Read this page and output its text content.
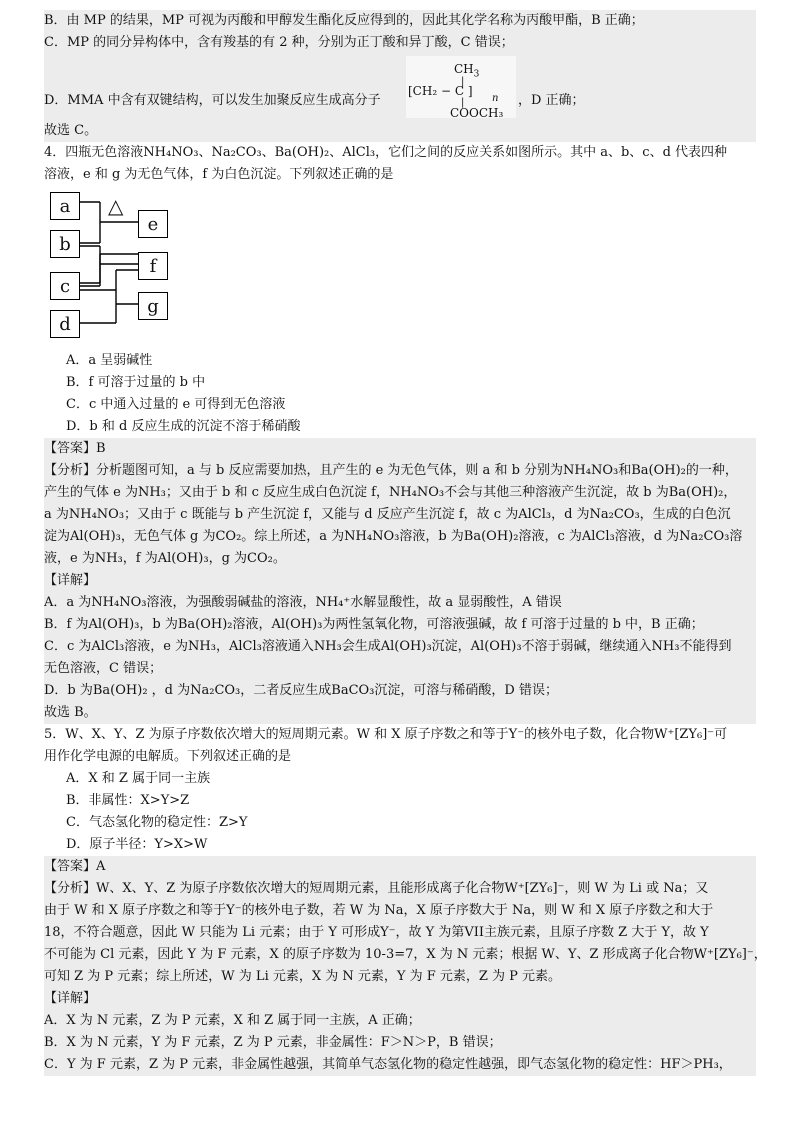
B．由 MP 的结果，MP 可视为丙酸和甲醇发生酯化反应得到的，因此其化学名称为丙酸甲酯，B 正确；
C．MP 的同分异构体中，含有羧基的有 2 种，分别为正丁酸和异丁酸，C 错误；
D．MMA 中含有双键结构，可以发生加聚反应生成高分子
$CH_3$
|
[CH₂ − C ]
n
|
COOCH₃
，D 正确；
故选 C。
4．四瓶无色溶液NH₄NO₃、Na₂CO₃、Ba(OH)₂、AlCl₃，它们之间的反应关系如图所示。其中 a、b、c、d 代表四种
溶液，e 和 g 为无色气体，f 为白色沉淀。下列叙述正确的是
a
b
c
d
△
e
f
g
A．a 呈弱碱性
B．f 可溶于过量的 b 中
C．c 中通入过量的 e 可得到无色溶液
D．b 和 d 反应生成的沉淀不溶于稀硝酸
【答案】B
【分析】分析题图可知，a 与 b 反应需要加热，且产生的 e 为无色气体，则 a 和 b 分别为NH₄NO₃和Ba(OH)₂的一种，
产生的气体 e 为NH₃；又由于 b 和 c 反应生成白色沉淀 f，NH₄NO₃不会与其他三种溶液产生沉淀，故 b 为Ba(OH)₂，
a 为NH₄NO₃；又由于 c 既能与 b 产生沉淀 f，又能与 d 反应产生沉淀 f，故 c 为AlCl₃，d 为Na₂CO₃，生成的白色沉
淀为Al(OH)₃，无色气体 g 为CO₂。综上所述，a 为NH₄NO₃溶液，b 为Ba(OH)₂溶液，c 为AlCl₃溶液，d 为Na₂CO₃溶
液，e 为NH₃，f 为Al(OH)₃，g 为CO₂。
【详解】
A．a 为NH₄NO₃溶液，为强酸弱碱盐的溶液，NH₄⁺水解显酸性，故 a 显弱酸性，A 错误
B．f 为Al(OH)₃，b 为Ba(OH)₂溶液，Al(OH)₃为两性氢氧化物，可溶液强碱，故 f 可溶于过量的 b 中，B 正确；
C．c 为AlCl₃溶液，e 为NH₃，AlCl₃溶液通入NH₃会生成Al(OH)₃沉淀，Al(OH)₃不溶于弱碱，继续通入NH₃不能得到
无色溶液，C 错误；
D．b 为Ba(OH)₂ ，d 为Na₂CO₃，二者反应生成BaCO₃沉淀，可溶与稀硝酸，D 错误；
故选 B。
5．W、X、Y、Z 为原子序数依次增大的短周期元素。W 和 X 原子序数之和等于Y⁻的核外电子数，化合物W⁺[ZY₆]⁻可
用作化学电源的电解质。下列叙述正确的是
A．X 和 Z 属于同一主族
B．非属性：X>Y>Z
C．气态氢化物的稳定性：Z>Y
D．原子半径：Y>X>W
【答案】A
【分析】W、X、Y、Z 为原子序数依次增大的短周期元素，且能形成离子化合物W⁺[ZY₆]⁻，则 W 为 Li 或 Na；又
由于 W 和 X 原子序数之和等于Y⁻的核外电子数，若 W 为 Na，X 原子序数大于 Na，则 W 和 X 原子序数之和大于
18，不符合题意，因此 W 只能为 Li 元素；由于 Y 可形成Y⁻，故 Y 为第VII主族元素，且原子序数 Z 大于 Y，故 Y
不可能为 Cl 元素，因此 Y 为 F 元素，X 的原子序数为 10-3=7，X 为 N 元素；根据 W、Y、Z 形成离子化合物W⁺[ZY₆]⁻，
可知 Z 为 P 元素；综上所述，W 为 Li 元素，X 为 N 元素，Y 为 F 元素，Z 为 P 元素。
【详解】
A．X 为 N 元素，Z 为 P 元素，X 和 Z 属于同一主族，A 正确；
B．X 为 N 元素，Y 为 F 元素，Z 为 P 元素，非金属性：F＞N＞P，B 错误；
C．Y 为 F 元素，Z 为 P 元素，非金属性越强，其简单气态氢化物的稳定性越强，即气态氢化物的稳定性：HF＞PH₃，
